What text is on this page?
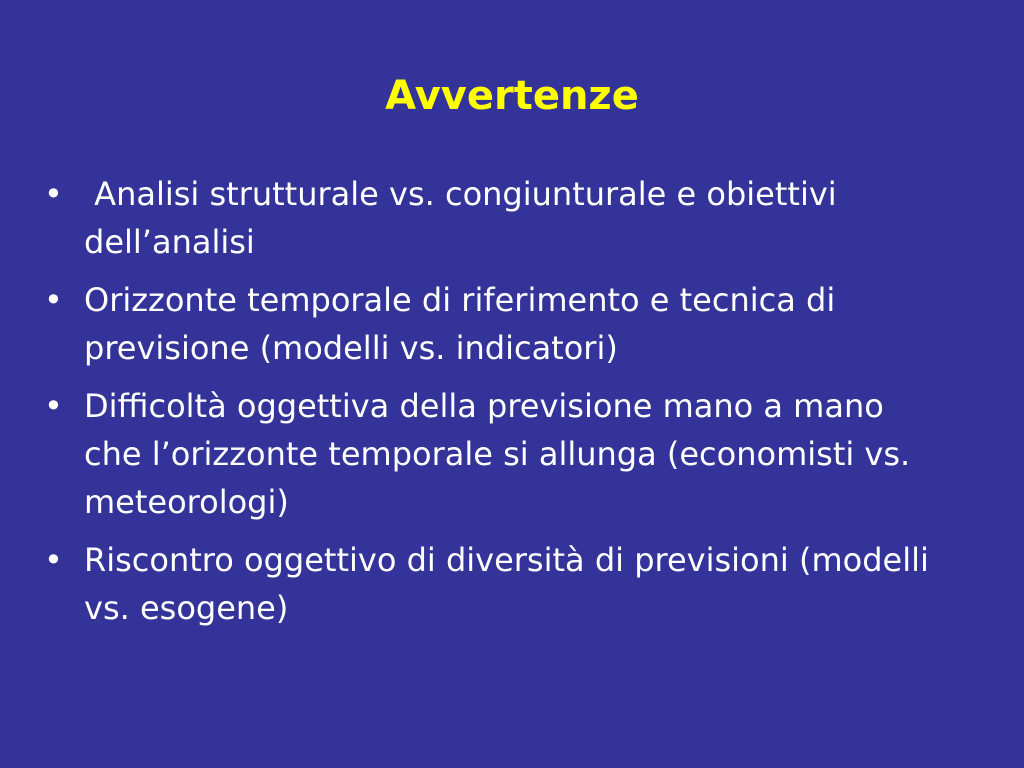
Avvertenze
• Analisi strutturale vs. congiunturale e obiettivi dell’analisi
• Orizzonte temporale di riferimento e tecnica di previsione (modelli vs. indicatori)
• Difficoltà oggettiva della previsione mano a mano che l’orizzonte temporale si allunga (economisti vs. meteorologi)
• Riscontro oggettivo di diversità di previsioni (modelli vs. esogene)
